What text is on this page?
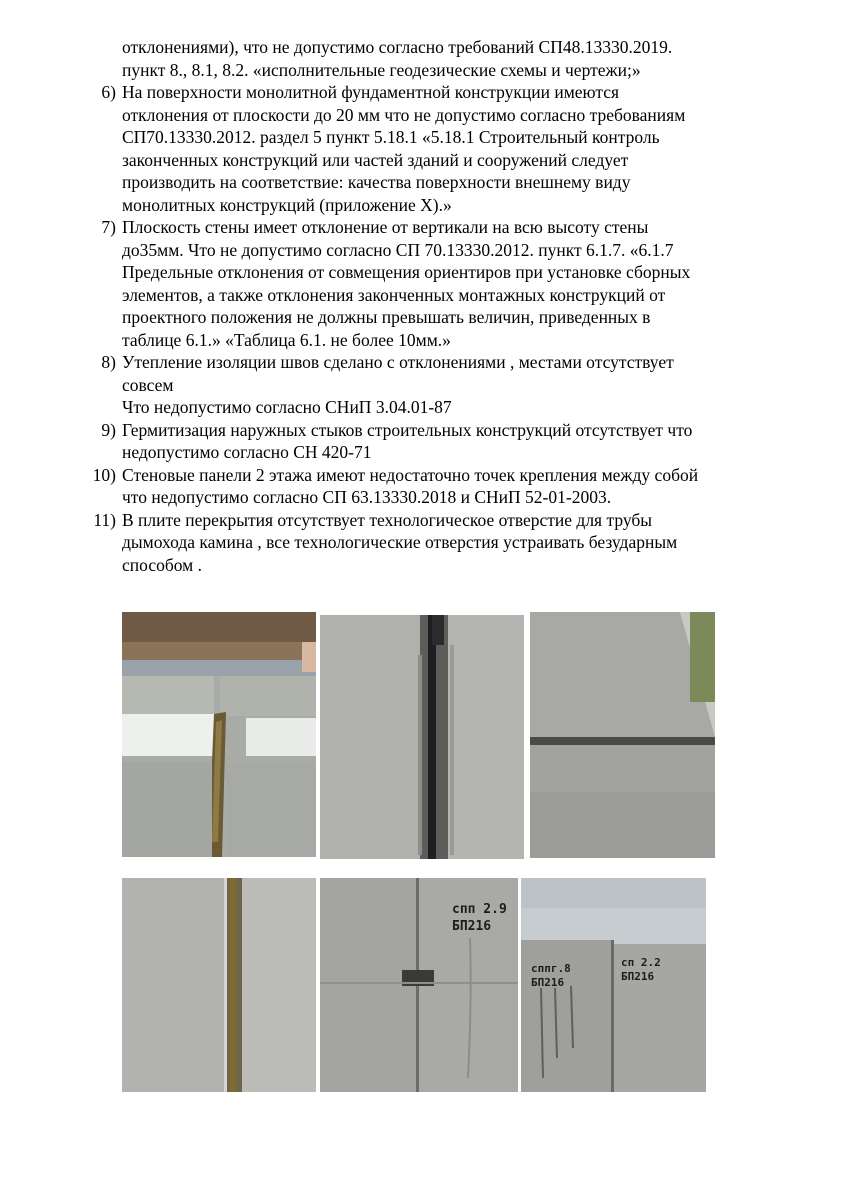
отклонениями), что не допустимо согласно требований СП48.13330.2019.
пункт 8., 8.1, 8.2. «исполнительные геодезические схемы и чертежи;»
6) На поверхности монолитной фундаментной конструкции имеются
отклонения от плоскости до 20 мм что не допустимо согласно требованиям
СП70.13330.2012. раздел 5 пункт 5.18.1 «5.18.1 Строительный контроль
законченных конструкций или частей зданий и сооружений следует
производить на соответствие: качества поверхности внешнему виду
монолитных конструкций (приложение Х).»
7) Плоскость стены имеет отклонение от вертикали на всю высоту стены
до35мм. Что не допустимо согласно СП 70.13330.2012. пункт 6.1.7. «6.1.7
Предельные отклонения от совмещения ориентиров при установке сборных
элементов, а также отклонения законченных монтажных конструкций от
проектного положения не должны превышать величин, приведенных в
таблице 6.1.» «Таблица 6.1. не более 10мм.»
8) Утепление изоляции швов сделано с отклонениями , местами отсутствует
совсем
Что недопустимо согласно СНиП 3.04.01-87
9) Гермитизация наружных стыков строительных конструкций отсутствует что
недопустимо согласно СН 420-71
10) Стеновые панели 2 этажа имеют недостаточно точек крепления между собой
что недопустимо согласно СП 63.13330.2018 и СНиП 52-01-2003.
11) В плите перекрытия отсутствует технологическое отверстие для трубы
дымохода камина , все технологические отверстия устраивать безударным
способом .
спп 2.9
БП216
сппг.8
БП216
сп 2.2
БП216
